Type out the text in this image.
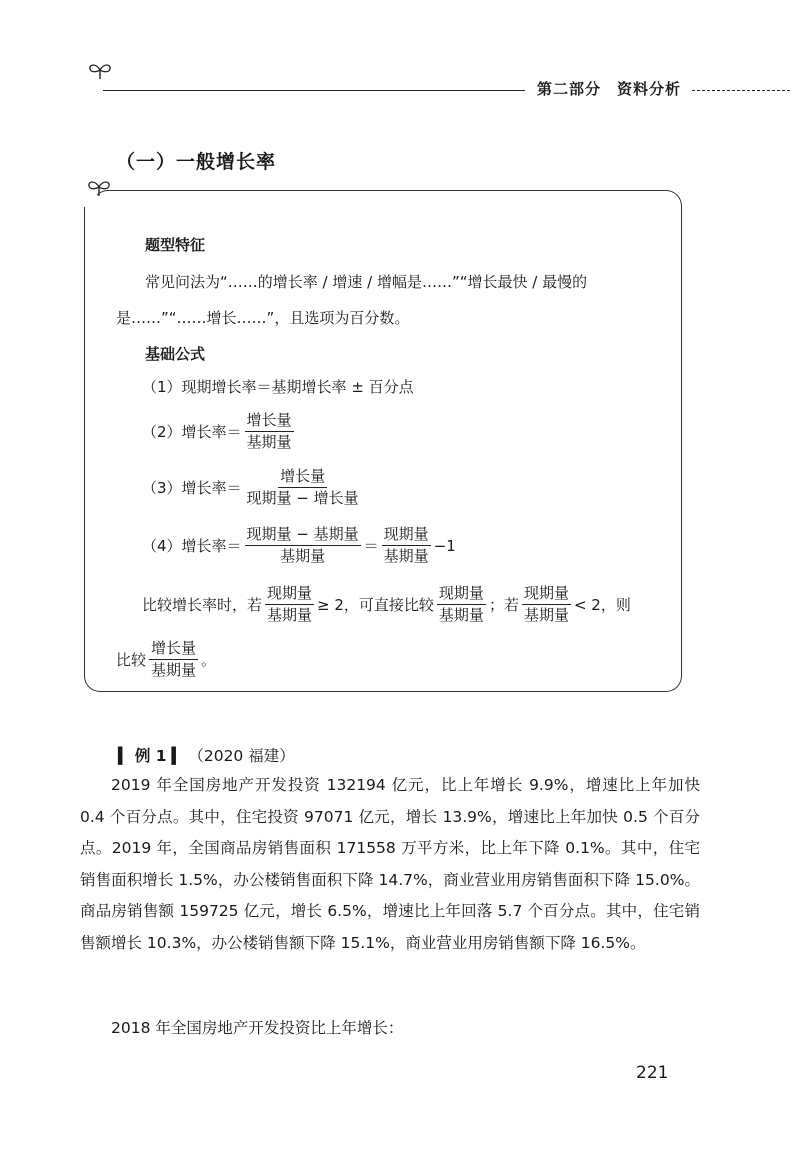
第二部分　资料分析
（一）一般增长率
题型特征
常见问法为“……的增长率 / 增速 / 增幅是……”“增长最快 / 最慢的
是……”“……增长……”，且选项为百分数。
基础公式
（1）现期增长率＝基期增长率 ± 百分点
（2）增长率＝ $\frac{\text{增长量}}{\text{基期量}}$
（3）增长率＝ $\frac{\text{增长量}}{\text{现期量 − 增长量}}$
（4）增长率＝ $\frac{\text{现期量 − 基期量}}{\text{基期量}} = \frac{\text{现期量}}{\text{基期量}} -1$
比较增长率时，若 $\frac{\text{现期量}}{\text{基期量}} \ge 2$，可直接比较 $\frac{\text{现期量}}{\text{基期量}}$ ；若 $\frac{\text{现期量}}{\text{基期量}} < 2$，则
比较 $\frac{\text{增长量}}{\text{基期量}}$ 。
▍ 例 1 ▍ （2020 福建）
2019 年全国房地产开发投资 132194 亿元，比上年增长 9.9%，增速比上年加快 0.4 个百分点。其中，住宅投资 97071 亿元，增长 13.9%，增速比上年加快 0.5 个百分点。2019 年，全国商品房销售面积 171558 万平方米，比上年下降 0.1%。其中，住宅销售面积增长 1.5%，办公楼销售面积下降 14.7%，商业营业用房销售面积下降 15.0%。商品房销售额 159725 亿元，增长 6.5%，增速比上年回落 5.7 个百分点。其中，住宅销售额增长 10.3%，办公楼销售额下降 15.1%，商业营业用房销售额下降 16.5%。
2018 年全国房地产开发投资比上年增长：
221
